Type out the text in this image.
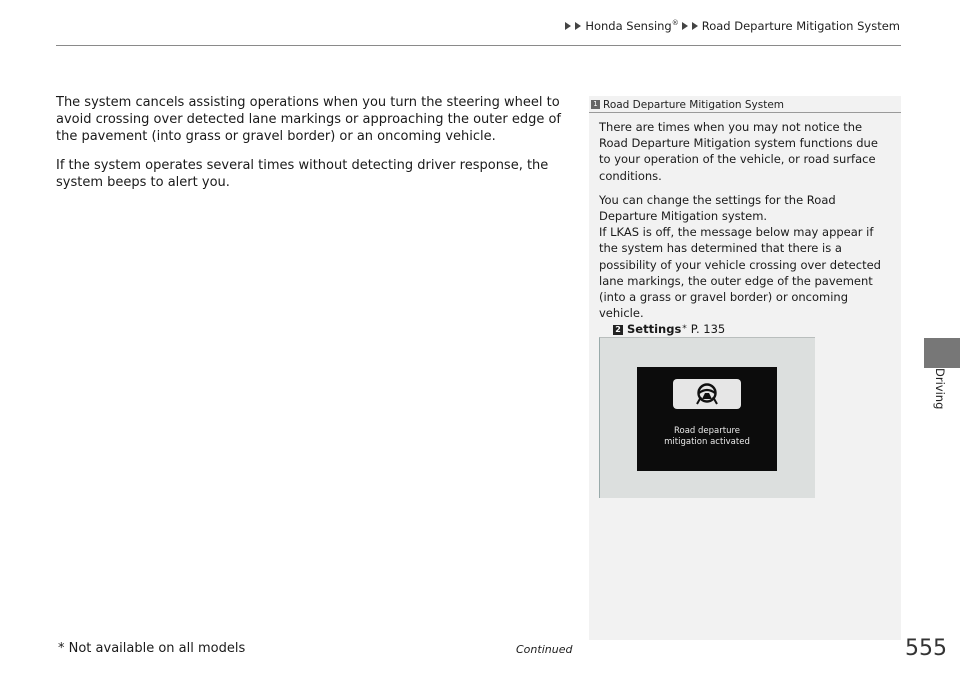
Honda Sensing® Road Departure Mitigation System

The system cancels assisting operations when you turn the steering wheel to avoid crossing over detected lane markings or approaching the outer edge of the pavement (into grass or gravel border) or an oncoming vehicle.

If the system operates several times without detecting driver response, the system beeps to alert you.

1 Road Departure Mitigation System

There are times when you may not notice the Road Departure Mitigation system functions due to your operation of the vehicle, or road surface conditions.

You can change the settings for the Road Departure Mitigation system.
If LKAS is off, the message below may appear if the system has determined that there is a possibility of your vehicle crossing over detected lane markings, the outer edge of the pavement (into a grass or gravel border) or oncoming vehicle.
2 Settings * P. 135
Road departure
mitigation activated
Driving
* Not available on all models	Continued	555
